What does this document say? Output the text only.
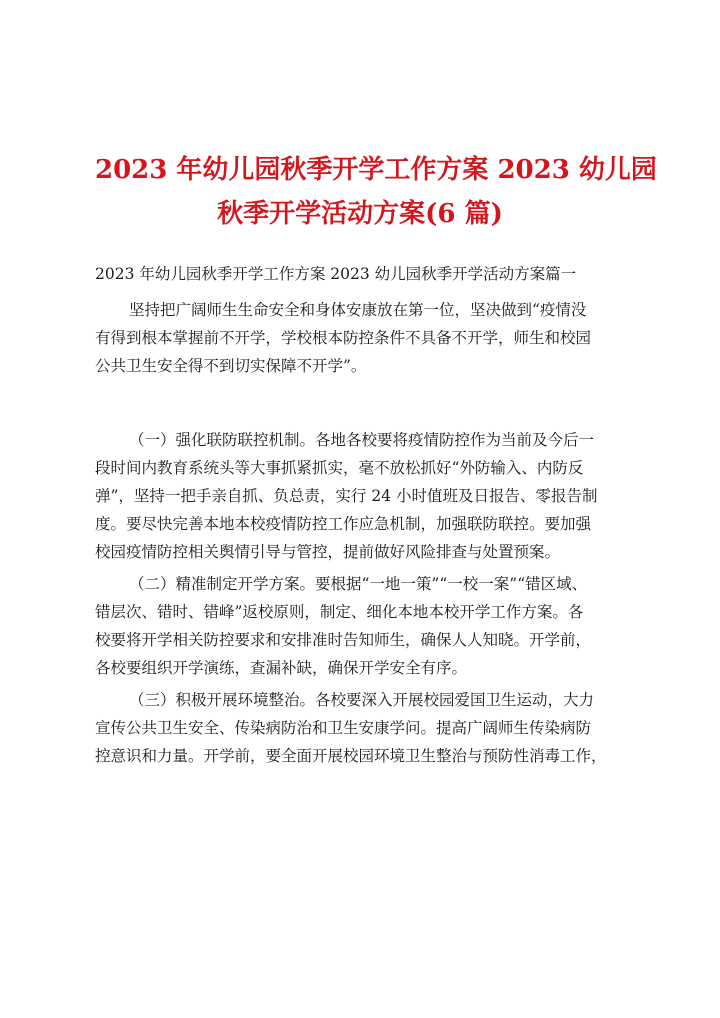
2023 年幼儿园秋季开学工作方案 2023 幼儿园
秋季开学活动方案(6 篇)

2023 年幼儿园秋季开学工作方案 2023 幼儿园秋季开学活动方案篇一

坚持把广阔师生生命安全和身体安康放在第一位，坚决做到“疫情没
有得到根本掌握前不开学，学校根本防控条件不具备不开学，师生和校园
公共卫生安全得不到切实保障不开学”。

（一）强化联防联控机制。各地各校要将疫情防控作为当前及今后一
段时间内教育系统头等大事抓紧抓实，毫不放松抓好“外防输入、内防反
弹”，坚持一把手亲自抓、负总责，实行 24 小时值班及日报告、零报告制
度。要尽快完善本地本校疫情防控工作应急机制，加强联防联控。要加强
校园疫情防控相关舆情引导与管控，提前做好风险排查与处置预案。

（二）精准制定开学方案。要根据“一地一策”“一校一案”“错区域、
错层次、错时、错峰”返校原则，制定、细化本地本校开学工作方案。各
校要将开学相关防控要求和安排准时告知师生，确保人人知晓。开学前，
各校要组织开学演练，查漏补缺，确保开学安全有序。

（三）积极开展环境整治。各校要深入开展校园爱国卫生运动，大力
宣传公共卫生安全、传染病防治和卫生安康学问。提高广阔师生传染病防
控意识和力量。开学前，要全面开展校园环境卫生整治与预防性消毒工作，
